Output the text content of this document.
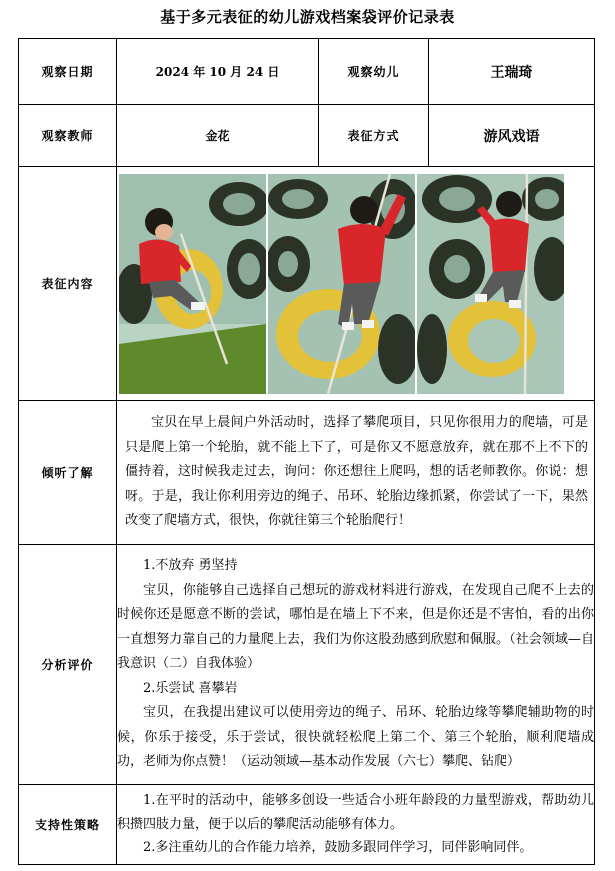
基于多元表征的幼儿游戏档案袋评价记录表
观察日期	2024 年 10 月 24 日	观察幼儿	王瑞琦
观察教师	金花	表征方式	游风戏语
表征内容	

倾听了解	宝贝在早上晨间户外活动时，选择了攀爬项目，只见你很用力的爬墙，可是只是爬上第一个轮胎，就不能上下了，可是你又不愿意放弃，就在那不上不下的僵持着，这时候我走过去，询问：你还想往上爬吗，想的话老师教你。你说：想呀。于是，我让你利用旁边的绳子、吊环、轮胎边缘抓紧，你尝试了一下，果然改变了爬墙方式，很快，你就往第三个轮胎爬行！		

分析评价	1.不放弃 勇坚持

宝贝，你能够自己选择自己想玩的游戏材料进行游戏，在发现自己爬不上去的时候你还是愿意不断的尝试，哪怕是在墙上下不来，但是你还是不害怕，看的出你一直想努力靠自己的力量爬上去，我们为你这股劲感到欣慰和佩服。（社会领域—自我意识（二）自我体验）

2.乐尝试 喜攀岩

宝贝，在我提出建议可以使用旁边的绳子、吊环、轮胎边缘等攀爬辅助物的时候，你乐于接受，乐于尝试，很快就轻松爬上第二个、第三个轮胎，顺利爬墙成功，老师为你点赞！（运动领域—基本动作发展（六七）攀爬、钻爬）		

支持性策略	1.在平时的活动中，能够多创设一些适合小班年龄段的力量型游戏，帮助幼儿积攒四肢力量，便于以后的攀爬活动能够有体力。

2.多注重幼儿的合作能力培养，鼓励多跟同伴学习，同伴影响同伴。		
